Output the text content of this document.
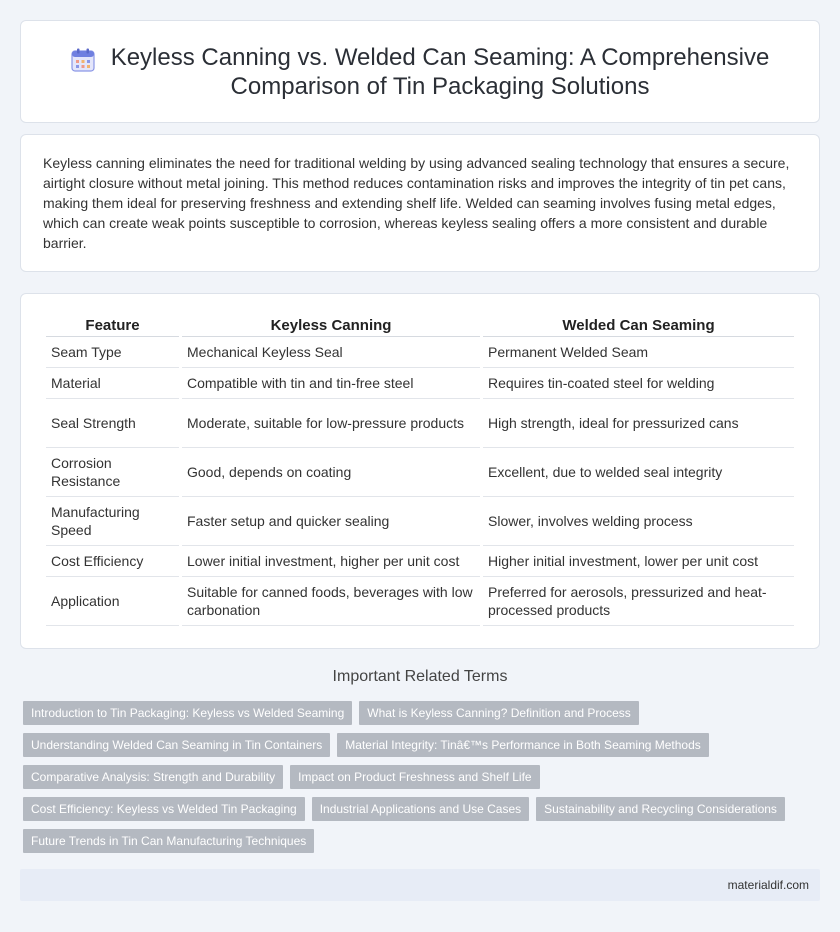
Keyless Canning vs. Welded Can Seaming: A Comprehensive Comparison of Tin Packaging Solutions

Keyless canning eliminates the need for traditional welding by using advanced sealing technology that ensures a secure, airtight closure without metal joining. This method reduces contamination risks and improves the integrity of tin pet cans, making them ideal for preserving freshness and extending shelf life. Welded can seaming involves fusing metal edges, which can create weak points susceptible to corrosion, whereas keyless sealing offers a more consistent and durable barrier.

Feature	Keyless Canning	Welded Can Seaming
Seam Type	Mechanical Keyless Seal	Permanent Welded Seam
Material	Compatible with tin and tin-free steel	Requires tin-coated steel for welding
Seal Strength	Moderate, suitable for low-pressure products	High strength, ideal for pressurized cans
Corrosion Resistance	Good, depends on coating	Excellent, due to welded seal integrity
Manufacturing Speed	Faster setup and quicker sealing	Slower, involves welding process
Cost Efficiency	Lower initial investment, higher per unit cost	Higher initial investment, lower per unit cost
Application	Suitable for canned foods, beverages with low carbonation	Preferred for aerosols, pressurized and heat-processed products
Important Related Terms
Introduction to Tin Packaging: Keyless vs Welded Seaming	What is Keyless Canning? Definition and Process
Understanding Welded Can Seaming in Tin Containers	Material Integrity: Tinâ€™s Performance in Both Seaming Methods
Comparative Analysis: Strength and Durability	Impact on Product Freshness and Shelf Life
Cost Efficiency: Keyless vs Welded Tin Packaging	Industrial Applications and Use Cases	Sustainability and Recycling Considerations
Future Trends in Tin Can Manufacturing Techniques
materialdif.com
